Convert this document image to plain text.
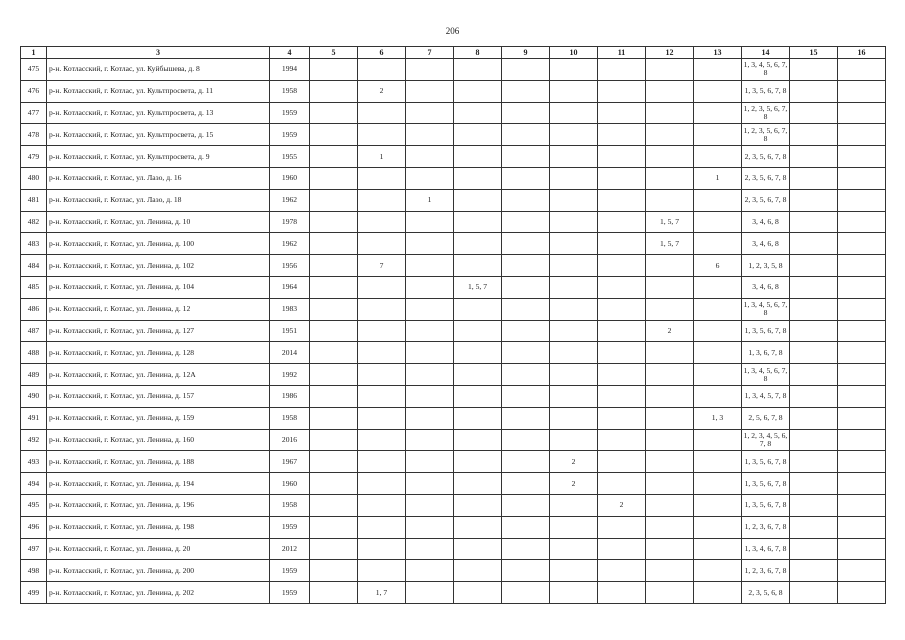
206
1	3	4	5	6	7	8	9	10	11	12	13	14	15	16
475	р-н. Котласский, г. Котлас, ул. Куйбышева, д. 8	1994										1, 3, 4, 5, 6, 7, 8		
476	р-н. Котласский, г. Котлас, ул. Культпросвета, д. 11	1958		2								1, 3, 5, 6, 7, 8		
477	р-н. Котласский, г. Котлас, ул. Культпросвета, д. 13	1959										1, 2, 3, 5, 6, 7, 8		
478	р-н. Котласский, г. Котлас, ул. Культпросвета, д. 15	1959										1, 2, 3, 5, 6, 7, 8		
479	р-н. Котласский, г. Котлас, ул. Культпросвета, д. 9	1955		1								2, 3, 5, 6, 7, 8		
480	р-н. Котласский, г. Котлас, ул. Лазо, д. 16	1960									1	2, 3, 5, 6, 7, 8		
481	р-н. Котласский, г. Котлас, ул. Лазо, д. 18	1962			1							2, 3, 5, 6, 7, 8		
482	р-н. Котласский, г. Котлас, ул. Ленина, д. 10	1978								1, 5, 7		3, 4, 6, 8		
483	р-н. Котласский, г. Котлас, ул. Ленина, д. 100	1962								1, 5, 7		3, 4, 6, 8		
484	р-н. Котласский, г. Котлас, ул. Ленина, д. 102	1956		7							6	1, 2, 3, 5, 8		
485	р-н. Котласский, г. Котлас, ул. Ленина, д. 104	1964				1, 5, 7						3, 4, 6, 8		
486	р-н. Котласский, г. Котлас, ул. Ленина, д. 12	1983										1, 3, 4, 5, 6, 7, 8		
487	р-н. Котласский, г. Котлас, ул. Ленина, д. 127	1951								2		1, 3, 5, 6, 7, 8		
488	р-н. Котласский, г. Котлас, ул. Ленина, д. 128	2014										1, 3, 6, 7, 8		
489	р-н. Котласский, г. Котлас, ул. Ленина, д. 12А	1992										1, 3, 4, 5, 6, 7, 8		
490	р-н. Котласский, г. Котлас, ул. Ленина, д. 157	1986										1, 3, 4, 5, 7, 8		
491	р-н. Котласский, г. Котлас, ул. Ленина, д. 159	1958									1, 3	2, 5, 6, 7, 8		
492	р-н. Котласский, г. Котлас, ул. Ленина, д. 160	2016										1, 2, 3, 4, 5, 6, 7, 8		
493	р-н. Котласский, г. Котлас, ул. Ленина, д. 188	1967						2				1, 3, 5, 6, 7, 8		
494	р-н. Котласский, г. Котлас, ул. Ленина, д. 194	1960						2				1, 3, 5, 6, 7, 8		
495	р-н. Котласский, г. Котлас, ул. Ленина, д. 196	1958							2			1, 3, 5, 6, 7, 8		
496	р-н. Котласский, г. Котлас, ул. Ленина, д. 198	1959										1, 2, 3, 6, 7, 8		
497	р-н. Котласский, г. Котлас, ул. Ленина, д. 20	2012										1, 3, 4, 6, 7, 8		
498	р-н. Котласский, г. Котлас, ул. Ленина, д. 200	1959										1, 2, 3, 6, 7, 8		
499	р-н. Котласский, г. Котлас, ул. Ленина, д. 202	1959		1, 7								2, 3, 5, 6, 8		
